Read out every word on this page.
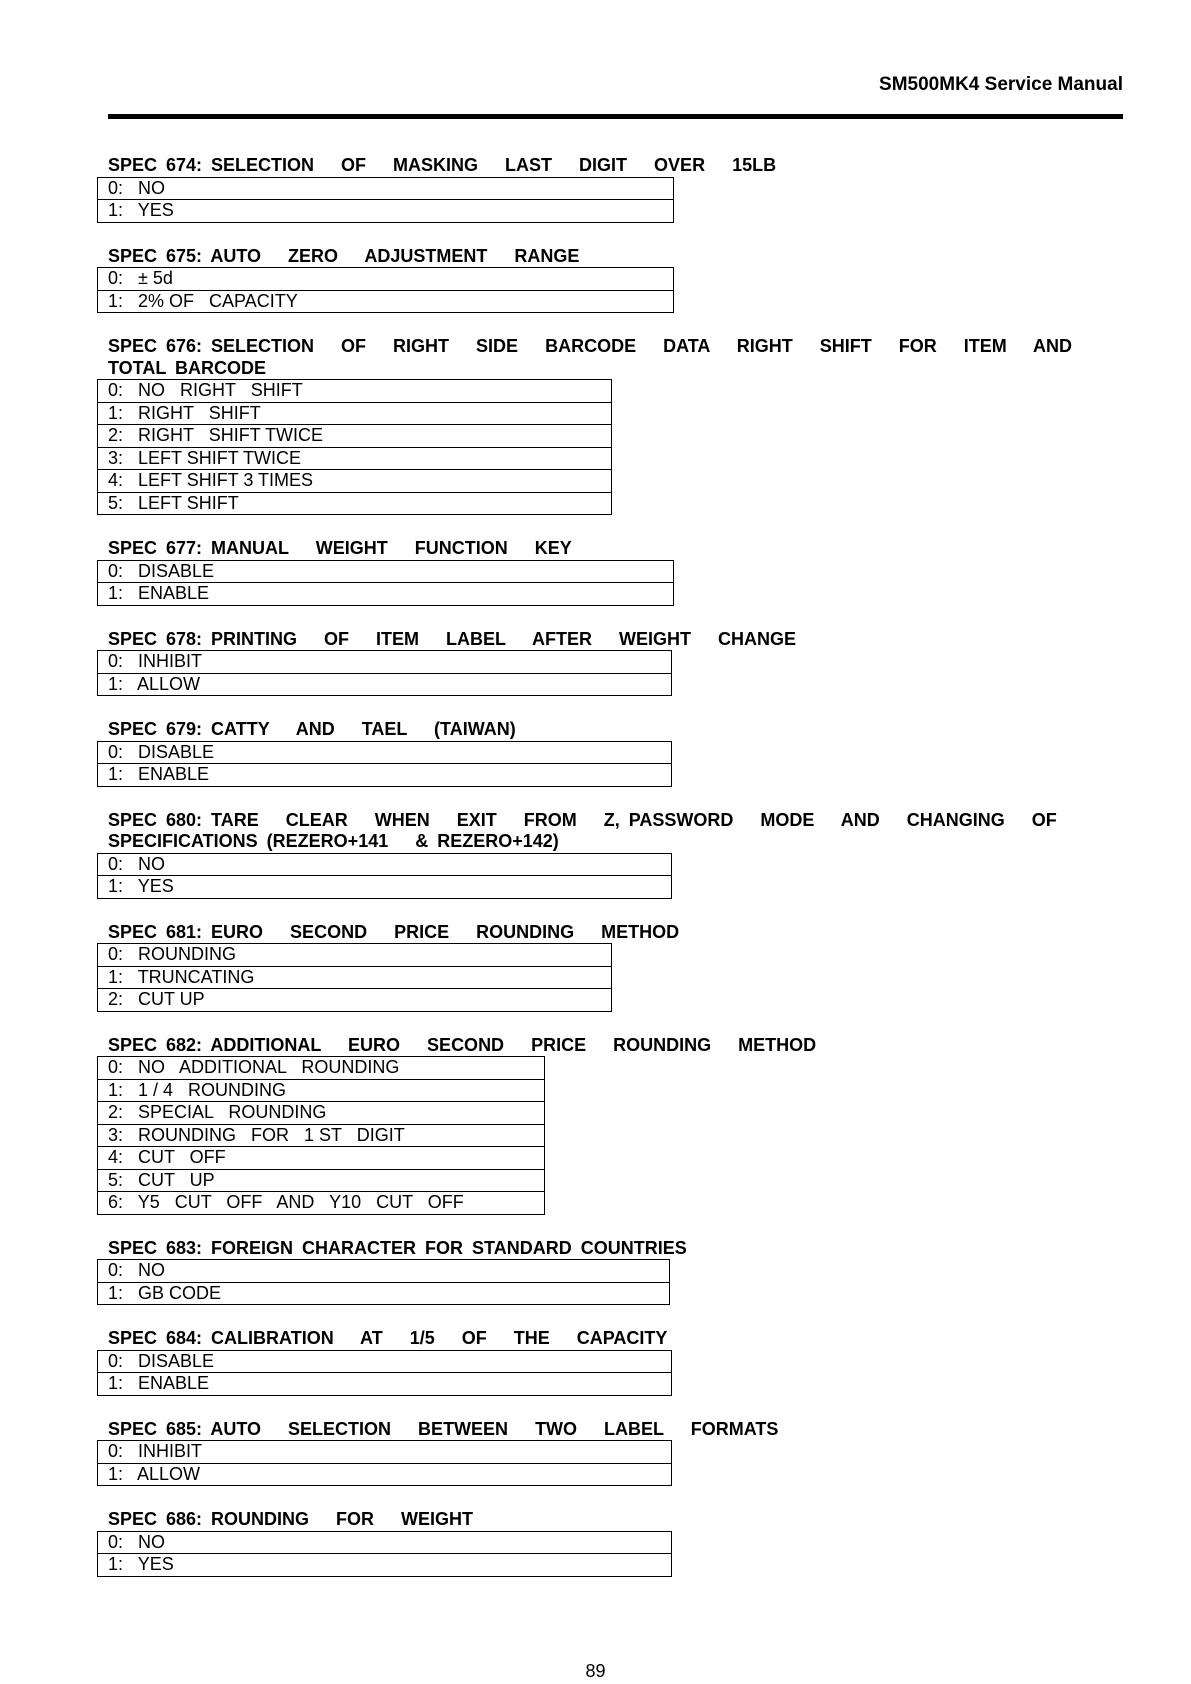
SM500MK4 Service Manual
SPEC 674: SELECTION   OF   MASKING   LAST   DIGIT   OVER   15LB
0:   NO
1:   YES
SPEC 675: AUTO   ZERO   ADJUSTMENT   RANGE
0:   ± 5d
1:   2% OF   CAPACITY
SPEC 676: SELECTION   OF   RIGHT   SIDE   BARCODE   DATA   RIGHT   SHIFT   FOR   ITEM   AND TOTAL BARCODE
0:   NO   RIGHT   SHIFT
1:   RIGHT   SHIFT
2:   RIGHT   SHIFT TWICE
3:   LEFT SHIFT TWICE
4:   LEFT SHIFT 3 TIMES
5:   LEFT SHIFT
SPEC 677: MANUAL   WEIGHT   FUNCTION   KEY
0:   DISABLE
1:   ENABLE
SPEC 678: PRINTING   OF   ITEM   LABEL   AFTER   WEIGHT   CHANGE
0:   INHIBIT
1:   ALLOW
SPEC 679: CATTY   AND   TAEL   (TAIWAN)
0:   DISABLE
1:   ENABLE
SPEC 680: TARE   CLEAR   WHEN   EXIT   FROM   Z, PASSWORD   MODE   AND   CHANGING   OF   SPECIFICATIONS (REZERO+141   & REZERO+142)
0:   NO
1:   YES
SPEC 681: EURO   SECOND   PRICE   ROUNDING   METHOD
0:   ROUNDING
1:   TRUNCATING
2:   CUT UP
SPEC 682: ADDITIONAL   EURO   SECOND   PRICE   ROUNDING   METHOD
0:   NO   ADDITIONAL   ROUNDING
1:   1 / 4   ROUNDING
2:   SPECIAL   ROUNDING
3:   ROUNDING   FOR   1 ST   DIGIT
4:   CUT   OFF
5:   CUT   UP
6:   Y5   CUT   OFF   AND   Y10   CUT   OFF
SPEC 683: FOREIGN CHARACTER FOR STANDARD COUNTRIES
0:   NO
1:   GB CODE
SPEC 684: CALIBRATION   AT   1/5   OF   THE   CAPACITY
0:   DISABLE
1:   ENABLE
SPEC 685: AUTO   SELECTION   BETWEEN   TWO   LABEL   FORMATS
0:   INHIBIT
1:   ALLOW
SPEC 686: ROUNDING   FOR   WEIGHT
0:   NO
1:   YES
89
